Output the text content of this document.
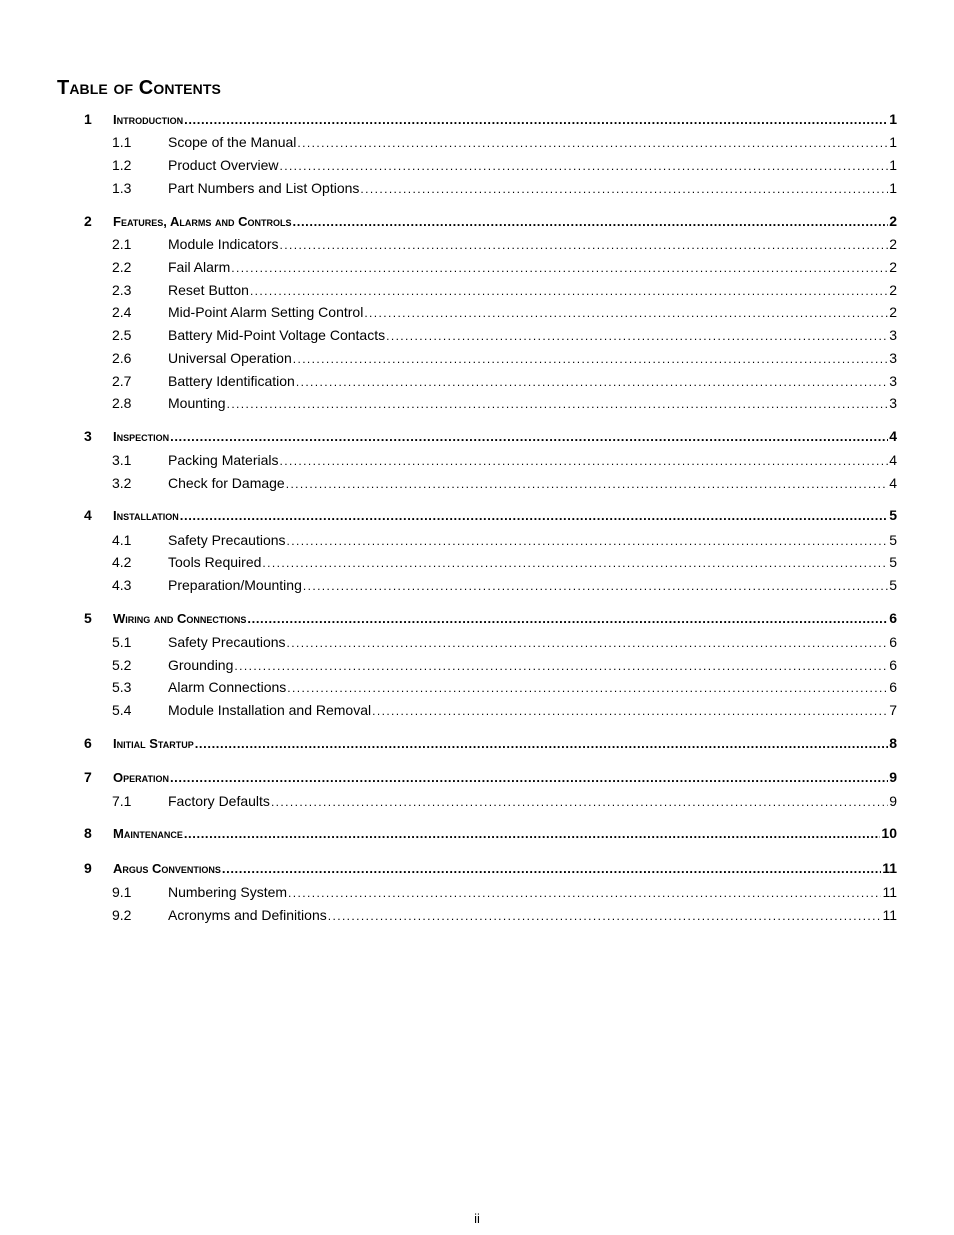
Table of Contents
1 Introduction .....	1
1.1	Scope of the Manual .....	1
1.2	Product Overview .....	1
1.3	Part Numbers and List Options .....	1
2 Features, Alarms and Controls .....	2
2.1	Module Indicators .....	2
2.2	Fail Alarm .....	2
2.3	Reset Button .....	2
2.4	Mid-Point Alarm Setting Control .....	2
2.5	Battery Mid-Point Voltage Contacts .....	3
2.6	Universal Operation .....	3
2.7	Battery Identification .....	3
2.8	Mounting .....	3
3 Inspection .....	4
3.1	Packing Materials .....	4
3.2	Check for Damage .....	4
4 Installation .....	5
4.1	Safety Precautions .....	5
4.2	Tools Required .....	5
4.3	Preparation/Mounting .....	5
5 Wiring and Connections .....	6
5.1	Safety Precautions .....	6
5.2	Grounding .....	6
5.3	Alarm Connections .....	6
5.4	Module Installation and Removal .....	7
6 Initial Startup .....	8
7 Operation .....	9
7.1	Factory Defaults .....	9
8 Maintenance .....	10
9 Argus Conventions .....	11
9.1	Numbering System .....	11
9.2	Acronyms and Definitions .....	11
ii
